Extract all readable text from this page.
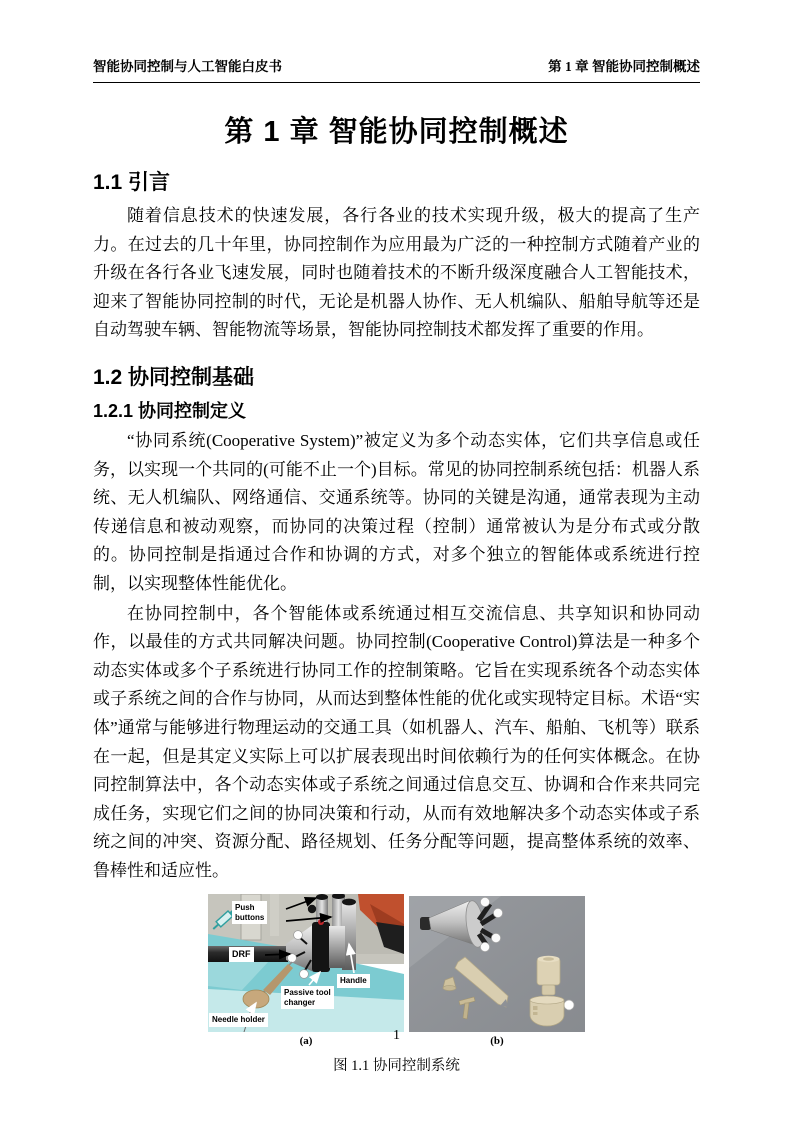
智能协同控制与人工智能白皮书	第 1 章 智能协同控制概述
第 1 章 智能协同控制概述
1.1 引言

随着信息技术的快速发展，各行各业的技术实现升级，极大的提高了生产力。在过去的几十年里，协同控制作为应用最为广泛的一种控制方式随着产业的升级在各行各业飞速发展，同时也随着技术的不断升级深度融合人工智能技术，迎来了智能协同控制的时代，无论是机器人协作、无人机编队、船舶导航等还是自动驾驶车辆、智能物流等场景，智能协同控制技术都发挥了重要的作用。

1.2 协同控制基础
1.2.1 协同控制定义

“协同系统(Cooperative System)”被定义为多个动态实体，它们共享信息或任务，以实现一个共同的(可能不止一个)目标。常见的协同控制系统包括：机器人系统、无人机编队、网络通信、交通系统等。协同的关键是沟通，通常表现为主动传递信息和被动观察，而协同的决策过程（控制）通常被认为是分布式或分散的。协同控制是指通过合作和协调的方式，对多个独立的智能体或系统进行控制，以实现整体性能优化。

在协同控制中，各个智能体或系统通过相互交流信息、共享知识和协同动作，以最佳的方式共同解决问题。协同控制(Cooperative Control)算法是一种多个动态实体或多个子系统进行协同工作的控制策略。它旨在实现系统各个动态实体或子系统之间的合作与协同，从而达到整体性能的优化或实现特定目标。术语“实体”通常与能够进行物理运动的交通工具（如机器人、汽车、船舶、飞机等）联系在一起，但是其定义实际上可以扩展表现出时间依赖行为的任何实体概念。在协同控制算法中，各个动态实体或子系统之间通过信息交互、协调和合作来共同完成任务，实现它们之间的协同决策和行动，从而有效地解决多个动态实体或子系统之间的冲突、资源分配、路径规划、任务分配等问题，提高整体系统的效率、鲁棒性和适应性。

Push
buttons
DRF
Handle
Passive tool
changer
Needle holder
(a)	(b)
图 1.1 协同控制系统
1
